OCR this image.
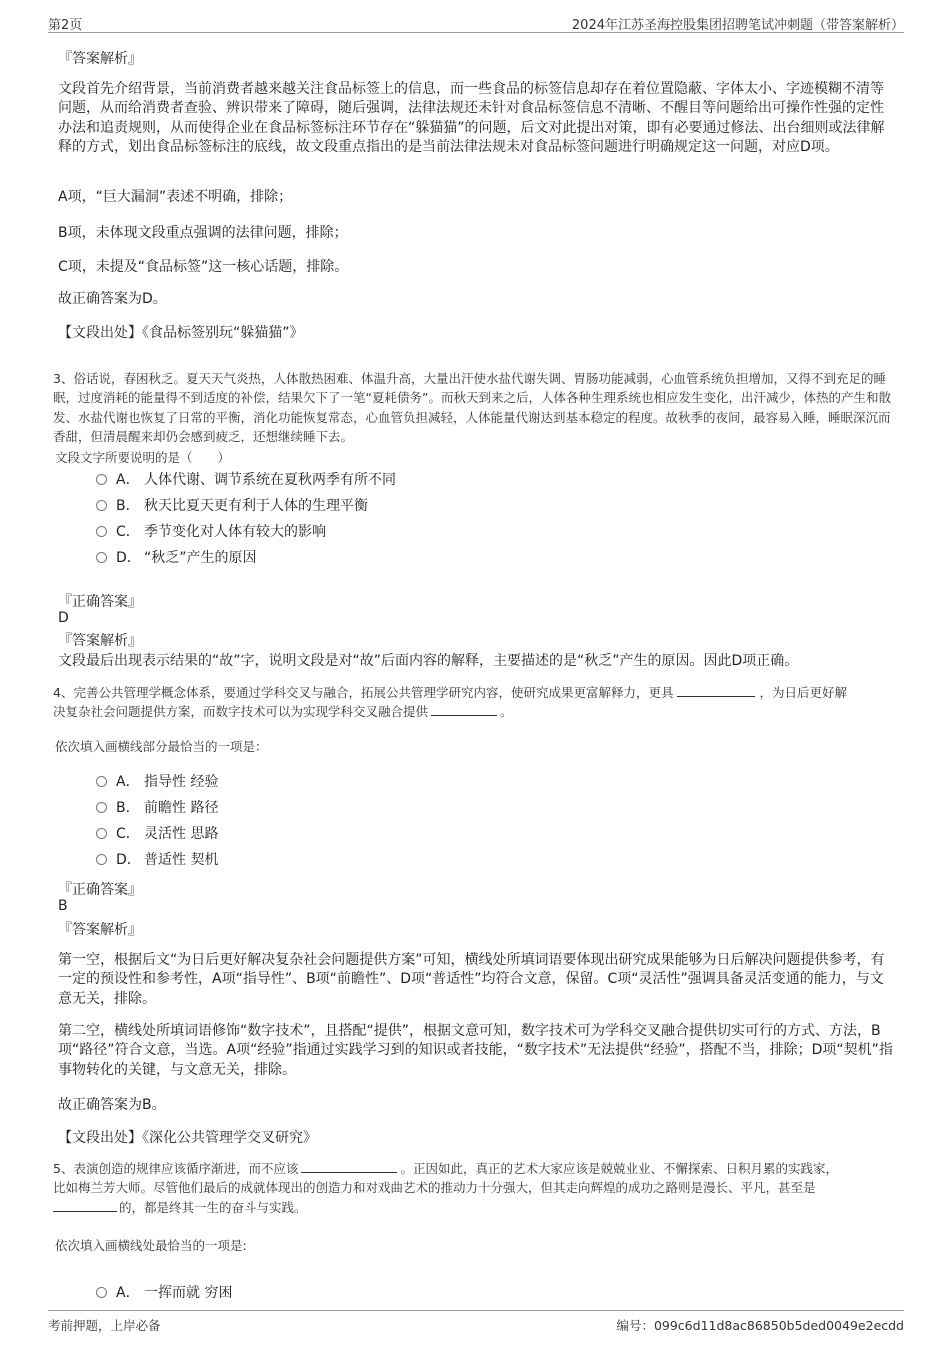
第2页	2024年江苏圣海控股集团招聘笔试冲刺题（带答案解析）
『答案解析』
文段首先介绍背景，当前消费者越来越关注食品标签上的信息，而一些食品的标签信息却存在着位置隐蔽、字体太小、字迹模糊不清等问题，从而给消费者查验、辨识带来了障碍，随后强调，法律法规还未针对食品标签信息不清晰、不醒目等问题给出可操作性强的定性办法和追责规则，从而使得企业在食品标签标注环节存在“躲猫猫”的问题，后文对此提出对策，即有必要通过修法、出台细则或法律解释的方式，划出食品标签标注的底线，故文段重点指出的是当前法律法规未对食品标签问题进行明确规定这一问题，对应D项。
A项，“巨大漏洞”表述不明确，排除；
B项，未体现文段重点强调的法律问题，排除；
C项，未提及“食品标签”这一核心话题，排除。
故正确答案为D。
【文段出处】《食品标签别玩“躲猫猫”》
3、俗话说，春困秋乏。夏天天气炎热，人体散热困难、体温升高，大量出汗使水盐代谢失调、胃肠功能减弱，心血管系统负担增加，又得不到充足的睡眠，过度消耗的能量得不到适度的补偿，结果欠下了一笔“夏耗债务”。而秋天到来之后，人体各种生理系统也相应发生变化，出汗减少，体热的产生和散发、水盐代谢也恢复了日常的平衡，消化功能恢复常态，心血管负担减轻，人体能量代谢达到基本稳定的程度。故秋季的夜间，最容易入睡，睡眠深沉而香甜，但清晨醒来却仍会感到疲乏，还想继续睡下去。
文段文字所要说明的是（　　）
A． 人体代谢、调节系统在夏秋两季有所不同
B． 秋天比夏天更有利于人体的生理平衡
C． 季节变化对人体有较大的影响
D． “秋乏”产生的原因
『正确答案』
D
『答案解析』
文段最后出现表示结果的“故”字，说明文段是对“故”后面内容的解释，主要描述的是“秋乏”产生的原因。因此D项正确。
4、完善公共管理学概念体系，要通过学科交叉与融合，拓展公共管理学研究内容，使研究成果更富解释力，更具	，为日后更好解
决复杂社会问题提供方案，而数字技术可以为实现学科交叉融合提供	。
依次填入画横线部分最恰当的一项是：
A． 指导性 经验
B． 前瞻性 路径
C． 灵活性 思路
D． 普适性 契机
『正确答案』
B
『答案解析』
第一空，根据后文“为日后更好解决复杂社会问题提供方案”可知，横线处所填词语要体现出研究成果能够为日后解决问题提供参考，有一定的预设性和参考性，A项“指导性”、B项“前瞻性”、D项“普适性”均符合文意，保留。C项“灵活性”强调具备灵活变通的能力，与文意无关，排除。
第二空，横线处所填词语修饰“数字技术”，且搭配“提供”，根据文意可知，数字技术可为学科交叉融合提供切实可行的方式、方法，B项“路径”符合文意，当选。A项“经验”指通过实践学习到的知识或者技能，“数字技术”无法提供“经验”，搭配不当，排除；D项“契机”指事物转化的关键，与文意无关，排除。
故正确答案为B。
【文段出处】《深化公共管理学交叉研究》
5、表演创造的规律应该循序渐进，而不应该	。正因如此，真正的艺术大家应该是兢兢业业、不懈探索、日积月累的实践家，
比如梅兰芳大师。尽管他们最后的成就体现出的创造力和对戏曲艺术的推动力十分强大，但其走向辉煌的成功之路则是漫长、平凡，甚至是
的，都是终其一生的奋斗与实践。
依次填入画横线处最恰当的一项是:
A． 一挥而就 穷困
考前押题，上岸必备	编号：099c6d11d8ac86850b5ded0049e2ecdd
